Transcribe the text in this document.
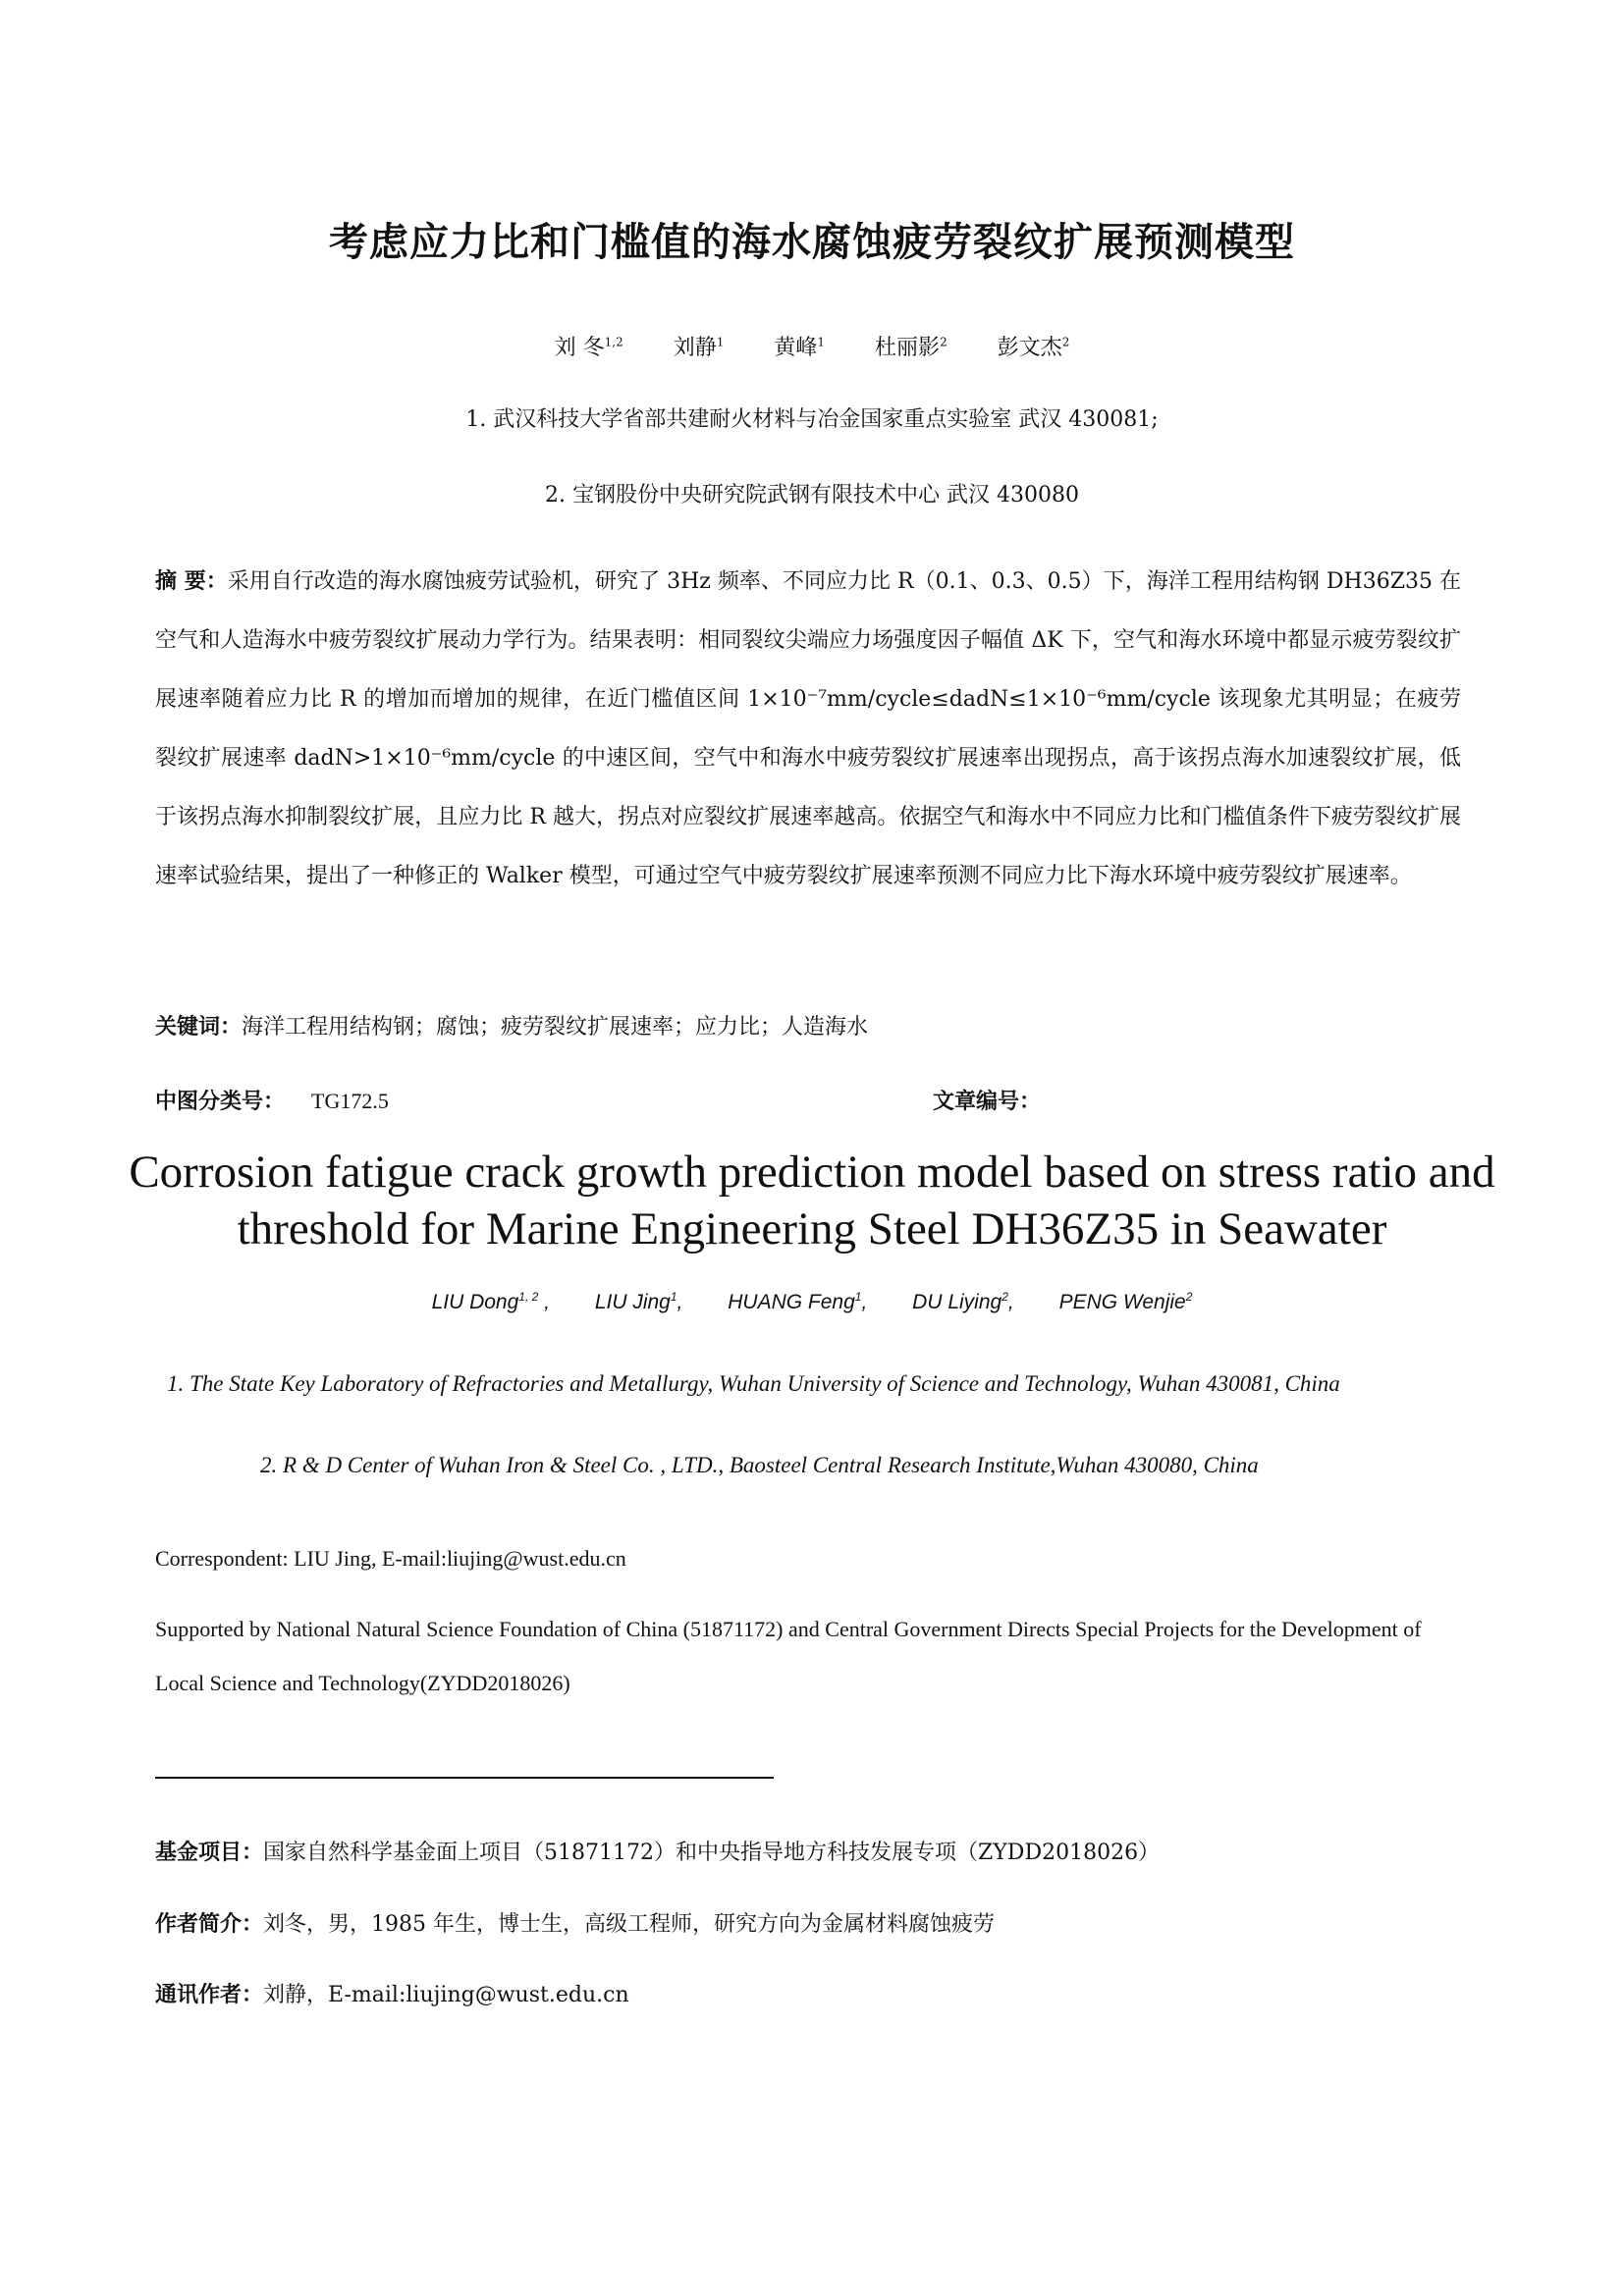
考虑应力比和门槛值的海水腐蚀疲劳裂纹扩展预测模型
刘 冬$^{1,2}$ 刘静$^1$ 黄峰$^1$ 杜丽影$^2$ 彭文杰$^2$
1. 武汉科技大学省部共建耐火材料与冶金国家重点实验室 武汉 430081;
2. 宝钢股份中央研究院武钢有限技术中心 武汉 430080
摘 要：采用自行改造的海水腐蚀疲劳试验机，研究了 3Hz 频率、不同应力比 R（0.1、0.3、0.5）下，海洋工程用结构钢 DH36Z35 在空气和人造海水中疲劳裂纹扩展动力学行为。结果表明：相同裂纹尖端应力场强度因子幅值 ΔK 下，空气和海水环境中都显示疲劳裂纹扩展速率随着应力比 R 的增加而增加的规律，在近门槛值区间 1×10⁻⁷mm/cycle≤dadN≤1×10⁻⁶mm/cycle 该现象尤其明显；在疲劳裂纹扩展速率 dadN>1×10⁻⁶mm/cycle 的中速区间，空气中和海水中疲劳裂纹扩展速率出现拐点，高于该拐点海水加速裂纹扩展，低于该拐点海水抑制裂纹扩展，且应力比 R 越大，拐点对应裂纹扩展速率越高。依据空气和海水中不同应力比和门槛值条件下疲劳裂纹扩展速率试验结果，提出了一种修正的 Walker 模型，可通过空气中疲劳裂纹扩展速率预测不同应力比下海水环境中疲劳裂纹扩展速率。
关键词：海洋工程用结构钢；腐蚀；疲劳裂纹扩展速率；应力比；人造海水
中图分类号： TG172.5	文章编号：
Corrosion fatigue crack growth prediction model based on stress ratio and
threshold for Marine Engineering Steel DH36Z35 in Seawater
LIU Dong$^{1, 2}$ , LIU Jing$^1$, HUANG Feng$^1$, DU Liying$^2$, PENG Wenjie$^2$
1. The State Key Laboratory of Refractories and Metallurgy, Wuhan University of Science and Technology, Wuhan 430081, China
2. R & D Center of Wuhan Iron & Steel Co. , LTD., Baosteel Central Research Institute,Wuhan 430080, China
Correspondent: LIU Jing, E-mail:liujing@wust.edu.cn
Supported by National Natural Science Foundation of China (51871172) and Central Government Directs Special Projects for the Development of Local Science and Technology(ZYDD2018026)
基金项目：国家自然科学基金面上项目（51871172）和中央指导地方科技发展专项（ZYDD2018026）
作者简介：刘冬，男，1985 年生，博士生，高级工程师，研究方向为金属材料腐蚀疲劳
通讯作者：刘静，E-mail:liujing@wust.edu.cn
